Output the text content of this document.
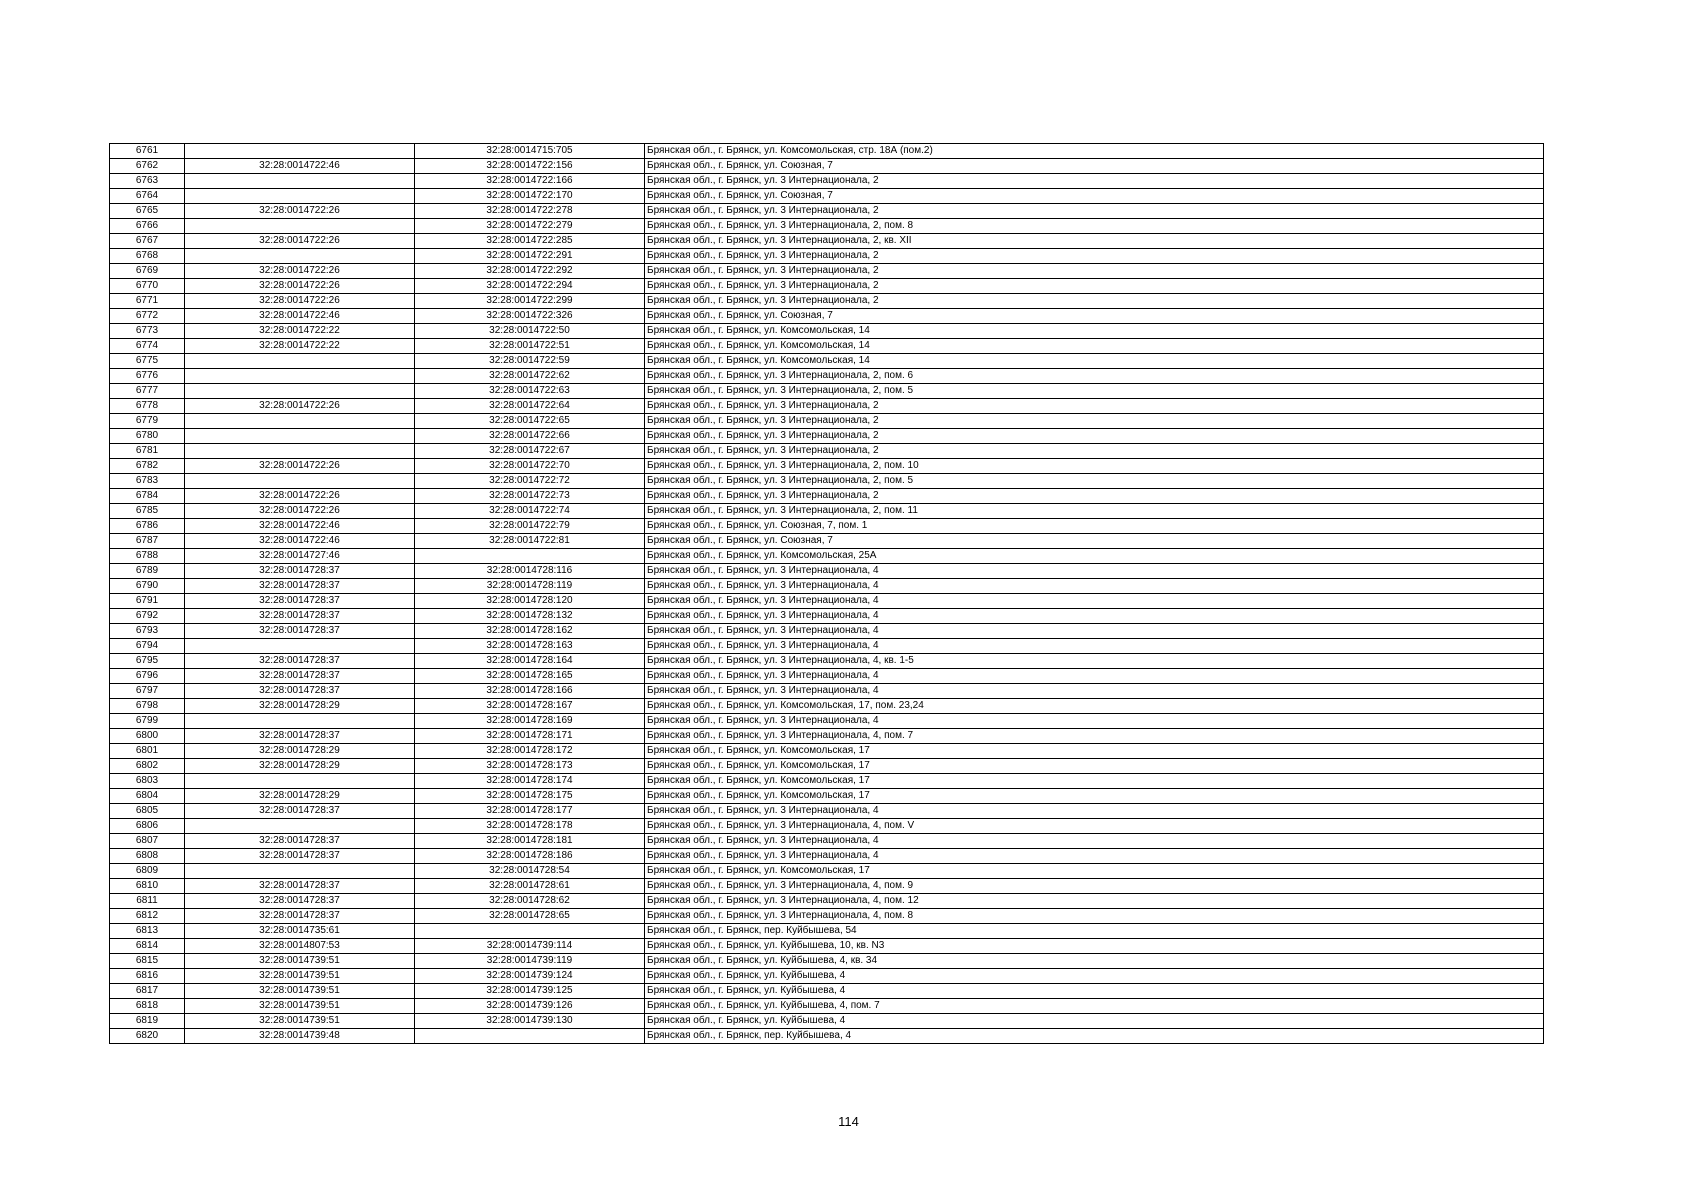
6761		32:28:0014715:705	Брянская обл., г. Брянск, ул. Комсомольская, стр. 18А (пом.2)
6762	32:28:0014722:46	32:28:0014722:156	Брянская обл., г. Брянск, ул. Союзная, 7
6763		32:28:0014722:166	Брянская обл., г. Брянск, ул. 3 Интернационала, 2
6764		32:28:0014722:170	Брянская обл., г. Брянск, ул. Союзная, 7
6765	32:28:0014722:26	32:28:0014722:278	Брянская обл., г. Брянск, ул. 3 Интернационала, 2
6766		32:28:0014722:279	Брянская обл., г. Брянск, ул. 3 Интернационала, 2, пом. 8
6767	32:28:0014722:26	32:28:0014722:285	Брянская обл., г. Брянск, ул. 3 Интернационала, 2, кв. XII
6768		32:28:0014722:291	Брянская обл., г. Брянск, ул. 3 Интернационала, 2
6769	32:28:0014722:26	32:28:0014722:292	Брянская обл., г. Брянск, ул. 3 Интернационала, 2
6770	32:28:0014722:26	32:28:0014722:294	Брянская обл., г. Брянск, ул. 3 Интернационала, 2
6771	32:28:0014722:26	32:28:0014722:299	Брянская обл., г. Брянск, ул. 3 Интернационала, 2
6772	32:28:0014722:46	32:28:0014722:326	Брянская обл., г. Брянск, ул. Союзная, 7
6773	32:28:0014722:22	32:28:0014722:50	Брянская обл., г. Брянск, ул. Комсомольская, 14
6774	32:28:0014722:22	32:28:0014722:51	Брянская обл., г. Брянск, ул. Комсомольская, 14
6775		32:28:0014722:59	Брянская обл., г. Брянск, ул. Комсомольская, 14
6776		32:28:0014722:62	Брянская обл., г. Брянск, ул. 3 Интернационала, 2, пом. 6
6777		32:28:0014722:63	Брянская обл., г. Брянск, ул. 3 Интернационала, 2, пом. 5
6778	32:28:0014722:26	32:28:0014722:64	Брянская обл., г. Брянск, ул. 3 Интернационала, 2
6779		32:28:0014722:65	Брянская обл., г. Брянск, ул. 3 Интернационала, 2
6780		32:28:0014722:66	Брянская обл., г. Брянск, ул. 3 Интернационала, 2
6781		32:28:0014722:67	Брянская обл., г. Брянск, ул. 3 Интернационала, 2
6782	32:28:0014722:26	32:28:0014722:70	Брянская обл., г. Брянск, ул. 3 Интернационала, 2, пом. 10
6783		32:28:0014722:72	Брянская обл., г. Брянск, ул. 3 Интернационала, 2, пом. 5
6784	32:28:0014722:26	32:28:0014722:73	Брянская обл., г. Брянск, ул. 3 Интернационала, 2
6785	32:28:0014722:26	32:28:0014722:74	Брянская обл., г. Брянск, ул. 3 Интернационала, 2, пом. 11
6786	32:28:0014722:46	32:28:0014722:79	Брянская обл., г. Брянск, ул. Союзная, 7, пом. 1
6787	32:28:0014722:46	32:28:0014722:81	Брянская обл., г. Брянск, ул. Союзная, 7
6788	32:28:0014727:46		Брянская обл., г. Брянск, ул. Комсомольская, 25А
6789	32:28:0014728:37	32:28:0014728:116	Брянская обл., г. Брянск, ул. 3 Интернационала, 4
6790	32:28:0014728:37	32:28:0014728:119	Брянская обл., г. Брянск, ул. 3 Интернационала, 4
6791	32:28:0014728:37	32:28:0014728:120	Брянская обл., г. Брянск, ул. 3 Интернационала, 4
6792	32:28:0014728:37	32:28:0014728:132	Брянская обл., г. Брянск, ул. 3 Интернационала, 4
6793	32:28:0014728:37	32:28:0014728:162	Брянская обл., г. Брянск, ул. 3 Интернационала, 4
6794		32:28:0014728:163	Брянская обл., г. Брянск, ул. 3 Интернационала, 4
6795	32:28:0014728:37	32:28:0014728:164	Брянская обл., г. Брянск, ул. 3 Интернационала, 4, кв. 1-5
6796	32:28:0014728:37	32:28:0014728:165	Брянская обл., г. Брянск, ул. 3 Интернационала, 4
6797	32:28:0014728:37	32:28:0014728:166	Брянская обл., г. Брянск, ул. 3 Интернационала, 4
6798	32:28:0014728:29	32:28:0014728:167	Брянская обл., г. Брянск, ул. Комсомольская, 17, пом. 23,24
6799		32:28:0014728:169	Брянская обл., г. Брянск, ул. 3 Интернационала, 4
6800	32:28:0014728:37	32:28:0014728:171	Брянская обл., г. Брянск, ул. 3 Интернационала, 4, пом. 7
6801	32:28:0014728:29	32:28:0014728:172	Брянская обл., г. Брянск, ул. Комсомольская, 17
6802	32:28:0014728:29	32:28:0014728:173	Брянская обл., г. Брянск, ул. Комсомольская, 17
6803		32:28:0014728:174	Брянская обл., г. Брянск, ул. Комсомольская, 17
6804	32:28:0014728:29	32:28:0014728:175	Брянская обл., г. Брянск, ул. Комсомольская, 17
6805	32:28:0014728:37	32:28:0014728:177	Брянская обл., г. Брянск, ул. 3 Интернационала, 4
6806		32:28:0014728:178	Брянская обл., г. Брянск, ул. 3 Интернационала, 4, пом. V
6807	32:28:0014728:37	32:28:0014728:181	Брянская обл., г. Брянск, ул. 3 Интернационала, 4
6808	32:28:0014728:37	32:28:0014728:186	Брянская обл., г. Брянск, ул. 3 Интернационала, 4
6809		32:28:0014728:54	Брянская обл., г. Брянск, ул. Комсомольская, 17
6810	32:28:0014728:37	32:28:0014728:61	Брянская обл., г. Брянск, ул. 3 Интернационала, 4, пом. 9
6811	32:28:0014728:37	32:28:0014728:62	Брянская обл., г. Брянск, ул. 3 Интернационала, 4, пом. 12
6812	32:28:0014728:37	32:28:0014728:65	Брянская обл., г. Брянск, ул. 3 Интернационала, 4, пом. 8
6813	32:28:0014735:61		Брянская обл., г. Брянск, пер. Куйбышева, 54
6814	32:28:0014807:53	32:28:0014739:114	Брянская обл., г. Брянск, ул. Куйбышева, 10, кв. N3
6815	32:28:0014739:51	32:28:0014739:119	Брянская обл., г. Брянск, ул. Куйбышева, 4, кв. 34
6816	32:28:0014739:51	32:28:0014739:124	Брянская обл., г. Брянск, ул. Куйбышева, 4
6817	32:28:0014739:51	32:28:0014739:125	Брянская обл., г. Брянск, ул. Куйбышева, 4
6818	32:28:0014739:51	32:28:0014739:126	Брянская обл., г. Брянск, ул. Куйбышева, 4, пом. 7
6819	32:28:0014739:51	32:28:0014739:130	Брянская обл., г. Брянск, ул. Куйбышева, 4
6820	32:28:0014739:48		Брянская обл., г. Брянск, пер. Куйбышева, 4
114
